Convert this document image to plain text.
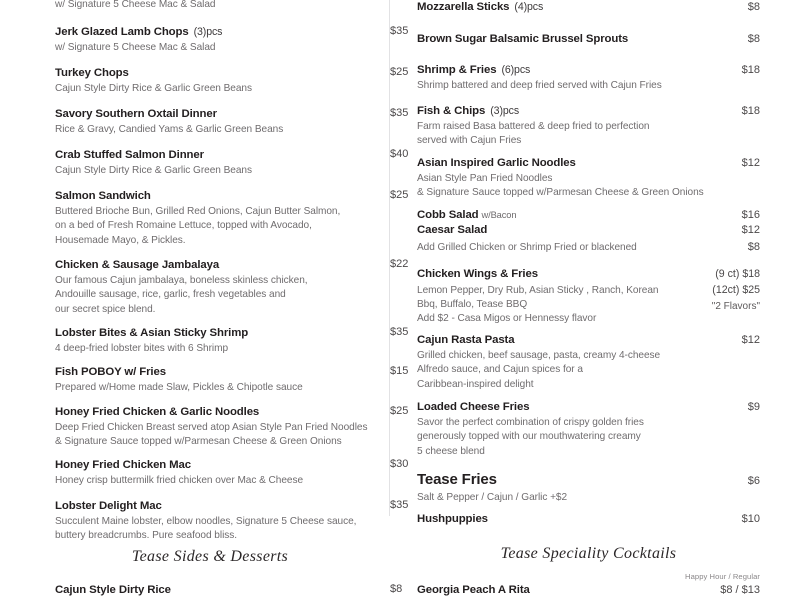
w/ Signature 5 Cheese Mac & Salad
Jerk Glazed Lamb Chops (3)pcs	$35
w/ Signature 5 Cheese Mac & Salad
Turkey Chops	$25
Cajun Style Dirty Rice & Garlic Green Beans
Savory Southern Oxtail Dinner	$35
Rice & Gravy, Candied Yams & Garlic Green Beans
Crab Stuffed Salmon Dinner	$40
Cajun Style Dirty Rice & Garlic Green Beans
Salmon Sandwich	$25
Buttered Brioche Bun, Grilled Red Onions, Cajun Butter Salmon,
on a bed of Fresh Romaine Lettuce, topped with Avocado,
Housemade Mayo, & Pickles.
Chicken & Sausage Jambalaya	$22
Our famous Cajun jambalaya, boneless skinless chicken,
Andouille sausage, rice, garlic, fresh vegetables and
our secret spice blend.
Lobster Bites & Asian Sticky Shrimp	$35
4 deep-fried lobster bites with 6 Shrimp
Fish POBOY w/ Fries	$15
Prepared w/Home made Slaw, Pickles & Chipotle sauce
Honey Fried Chicken & Garlic Noodles	$25
Deep Fried Chicken Breast served atop Asian Style Pan Fried Noodles
& Signature Sauce topped w/Parmesan Cheese & Green Onions
Honey Fried Chicken Mac	$30
Honey crisp buttermilk fried chicken over Mac & Cheese
Lobster Delight Mac	$35
Succulent Maine lobster, elbow noodles, Signature 5 Cheese sauce,
buttery breadcrumbs. Pure seafood bliss.
Tease Sides & Desserts
Cajun Style Dirty Rice	$8
Mozzarella Sticks (4)pcs	$8
Brown Sugar Balsamic Brussel Sprouts	$8
Shrimp & Fries (6)pcs	$18
Shrimp battered and deep fried served with Cajun Fries
Fish & Chips (3)pcs	$18
Farm raised Basa battered & deep fried to perfection
served with Cajun Fries
Asian Inspired Garlic Noodles	$12
Asian Style Pan Fried Noodles
& Signature Sauce topped w/Parmesan Cheese & Green Onions
Cobb Salad w/Bacon	$16
Caesar Salad	$12
Add Grilled Chicken or Shrimp Fried or blackened	$8
Chicken Wings & Fries	(9 ct) $18
(12ct) $25
"2 Flavors"
Lemon Pepper, Dry Rub, Asian Sticky , Ranch, Korean
Bbq, Buffalo, Tease BBQ
Add $2 - Casa Migos or Hennessy flavor
Cajun Rasta Pasta	$12
Grilled chicken, beef sausage, pasta, creamy 4-cheese
Alfredo sauce, and Cajun spices for a
Caribbean-inspired delight
Loaded Cheese Fries	$9
Savor the perfect combination of crispy golden fries
generously topped with our mouthwatering creamy
5 cheese blend
Tease Fries	$6
Salt & Pepper / Cajun / Garlic +$2
Hushpuppies	$10
Tease Speciality Cocktails
Happy Hour / Regular
Georgia Peach A Rita	$8 / $13
